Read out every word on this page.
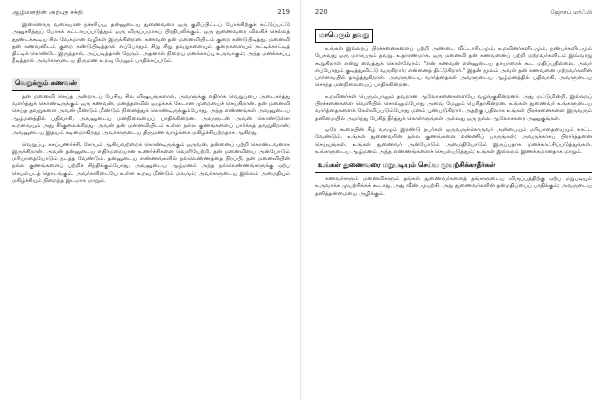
ஆழ்மனதின் அற்புத சக்தி	219

இன்னொரு வகையான நச்சரிப்பு, தன்னுடைய துணைவரை ஒரு குறிப்பிட்டப் போக்கிற்குக் கட்டுப்பட்டு அனுசரித்துப் போகக் கட்டாயப்படுத்தும் ஒரு விருப்பமாகப் பிரதிபலிக்கும். ஒரு துணைவரை விலகிச் செல்லத் தூண்டக்கூடிய சில வேகமான வழிகள் இருக்கின்றன. கணவன் தன் மனைவியிடம் குறை கண்டுபிடித்து, மனைவி தன் கணவனிடம் குறை கண்டுபிடித்தால் எப்போதும் சிறு சிறு தவறுகளையும் குறைகளையும் சுட்டிக்காட்டித் திட்டிக் கொண்டே இருந்தால், அப்படித்தான் நேரும். அதனால் நிறைய மனக்கசப்பு உருவாகும்; அந்த மனக்கசப்பு நீடித்தால் அவர்களுடைய திருமண உறவு மேலும் பாதிக்கப்படும்.

வெறுக்கும் கணவன்

தன் மனைவி செய்த அன்றாடப் பேசிய சில விஷயங்களால், அவளுக்கு எதிராக வெறுப்பை அடைகாத்து வளர்த்துக் கொண்டிருக்கும் ஒரு கணவன், மனத்தளவில் ஒழுக்கக் கேடான முறையைச் செய்கிறான். தன் மனைவி செய்த தவறுகளை அவன் மீண்டும் மீண்டும் நினைத்துக் கொண்டிருக்கும்போது, அந்த எண்ணங்கள் அவனுடைய ஆழ்மனத்தில் பதிவாகி, அவனுடைய மனநிலையைப் பாதிக்கின்றன. அவளுடன் அவன் கொண்டுள்ள உறவையும் அது சீர்குலைக்கிறது. அவன் தன் மனைவியிடம் உள்ள நல்ல குணங்களைப் பார்க்கத் தவறுகிறான்; அவனுடைய இதயம் கடினமாகிறது; அவர்களுடைய திருமண வாழ்க்கை மகிழ்ச்சியற்றதாக ஆகிறது.

வெறுப்பு, கசப்புணர்ச்சி, கோபம் ஆகியவற்றைக் கொண்டிருக்கும் ஒருவன், தன்னைப் பற்றி கொண்டவனாக இருக்கிறான். அவன் தன்னுடைய எதிர்மறையான உணர்ச்சிகளை வெளியேற்றி, தன் மனைவியை அன்போடும் மரியாதையோடும் நடத்த வேண்டும். தன்னுடைய எண்ணங்களில் நல்லெண்ணத்தை நிரப்பி, தன் மனைவியின் நல்ல குணங்களைப் பற்றிச் சிந்திக்கும்போது, அவனுடைய ஆழ்மனம் அந்த நல்லெண்ணங்களுக்கு ஏற்ப செயல்படத் தொடங்கும். அவர்களிடையே உள்ள உறவு மீண்டும் மலரும்; அவர்களுடைய இல்லம் அமைதியும் மகிழ்ச்சியும் நிறைந்த இடமாக மாறும்.

220	ஜோசப் மர்ஃபி
மாபெரும் தவறு

உங்கள் இல்லறப் பிரச்சனைகளைப் பற்றி அண்டை வீட்டாரிடமும், உறவினர்களிடமும், நண்பர்களிடமும் பேசுவது ஒரு மாபெரும் தவறு. உதாரணமாக, ஒரு மனைவி தன் கணவனைப் பற்றி மற்றவர்களிடம் இவ்வாறு கூறுகிறாள் என்று வைத்துக் கொள்வோம்: "என் கணவன் என்னுடைய தாயாரைக் கூட மதிப்பதில்லை. அவர் எப்போதும் குடித்துவிட்டு வருகிறார்; என்னைத் திட்டுகிறார்." இதன் மூலம் அவள் தன் கணவனை மற்றவர்களின் பார்வையில் தாழ்த்துகிறாள். அவளுடைய வார்த்தைகள் அவளுடைய ஆழ்மனத்தில் பதிவாகி, அவளுடைய சொந்த மனநிலையைப் பாதிக்கின்றன.

உறவினர்கள் பெரும்பாலும் தவறான ஆலோசனைகளையே வழங்குகின்றனர். அது மட்டுமின்றி, இல்லறப் பிரச்சனைகளை வெளியில் சொல்லும்போது அவை மேலும் பெரிதாகின்றன. உங்கள் துணைவர் உங்களுடைய வார்த்தைகளைக் கேள்விப்படும்போது மனம் புண்படுகிறார். அதற்கு பதிலாக உங்கள் பிரச்சனைகளை இருவரும் தனிமையில் அமர்ந்து பேசித் தீர்த்துக் கொள்ளுங்கள் அல்லது ஒரு நல்ல ஆலோசகரை அணுகுங்கள்.

ஒரே கூரையின் கீழ் வாழும் இரண்டு நபர்கள் ஒருவருக்கொருவர் அன்பையும் மரியாதையையும் காட்ட வேண்டும். உங்கள் துணைவரின் நல்ல குணங்களை எண்ணிப் பாருங்கள்; அவருக்காகப் பிரார்த்தனை செய்யுங்கள். உங்கள் துணைவர் அன்போடும் அமைதியோடும் இருப்பதாக மனக்காட்சிப்படுத்துங்கள். உங்களுடைய ஆழ்மனம் அந்த எண்ணங்களைச் செயல்படுத்தும்; உங்கள் இல்லறம் இணக்கமானதாக மாறும்.

உங்கள் துணைவரை மறுபடியும் செய்ய முயற்சிக்காதீர்கள்

கணவர்களும் மனைவிகளும் தங்கள் துணைவர்களைத் தங்களுடைய விருப்பத்திற்கு ஏற்ப மறுபடியும் உருவாக்க முயற்சிக்கக் கூடாது. அது வீண் முயற்சி. அது துணைவர்களின் தன்மதிப்பைப் பாதிக்கும்; அவருடைய தனித்தன்மையை அழிக்கும்.
